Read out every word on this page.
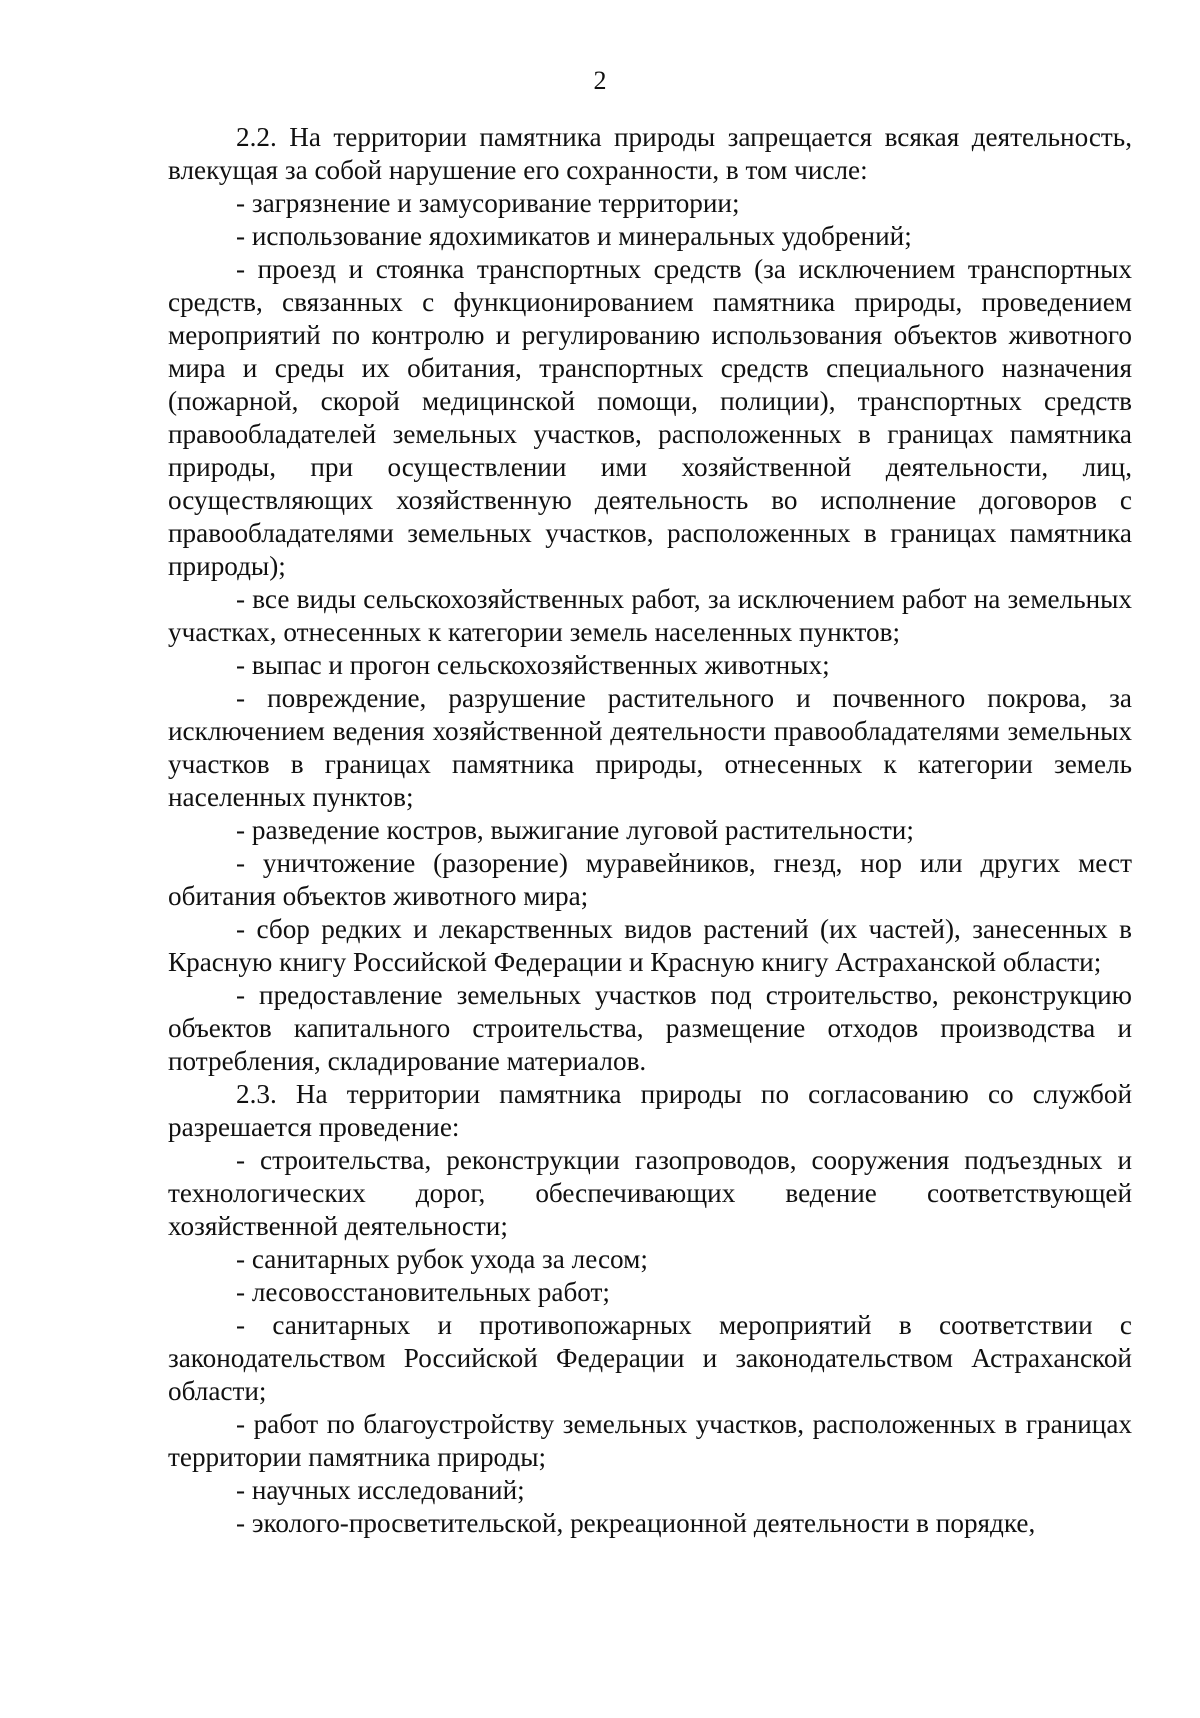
2

2.2. На территории памятника природы запрещается всякая деятельность, влекущая за собой нарушение его сохранности, в том числе:

- загрязнение и замусоривание территории;

- использование ядохимикатов и минеральных удобрений;

- проезд и стоянка транспортных средств (за исключением транспортных средств, связанных с функционированием памятника природы, проведением мероприятий по контролю и регулированию использования объектов животного мира и среды их обитания, транспортных средств специального назначения (пожарной, скорой медицинской помощи, полиции), транспортных средств правообладателей земельных участков, расположенных в границах памятника природы, при осуществлении ими хозяйственной деятельности, лиц, осуществляющих хозяйственную деятельность во исполнение договоров с правообладателями земельных участков, расположенных в границах памятника природы);

- все виды сельскохозяйственных работ, за исключением работ на земельных участках, отнесенных к категории земель населенных пунктов;

- выпас и прогон сельскохозяйственных животных;

- повреждение, разрушение растительного и почвенного покрова, за исключением ведения хозяйственной деятельности правообладателями земельных участков в границах памятника природы, отнесенных к категории земель населенных пунктов;

- разведение костров, выжигание луговой растительности;

- уничтожение (разорение) муравейников, гнезд, нор или других мест обитания объектов животного мира;

- сбор редких и лекарственных видов растений (их частей), занесенных в Красную книгу Российской Федерации и Красную книгу Астраханской области;

- предоставление земельных участков под строительство, реконструкцию объектов капитального строительства, размещение отходов производства и потребления, складирование материалов.

2.3. На территории памятника природы по согласованию со службой разрешается проведение:

- строительства, реконструкции газопроводов, сооружения подъездных и технологических дорог, обеспечивающих ведение соответствующей хозяйственной деятельности;

- санитарных рубок ухода за лесом;

- лесовосстановительных работ;

- санитарных и противопожарных мероприятий в соответствии с законодательством Российской Федерации и законодательством Астраханской области;

- работ по благоустройству земельных участков, расположенных в границах территории памятника природы;

- научных исследований;

- эколого-просветительской, рекреационной деятельности в порядке,
